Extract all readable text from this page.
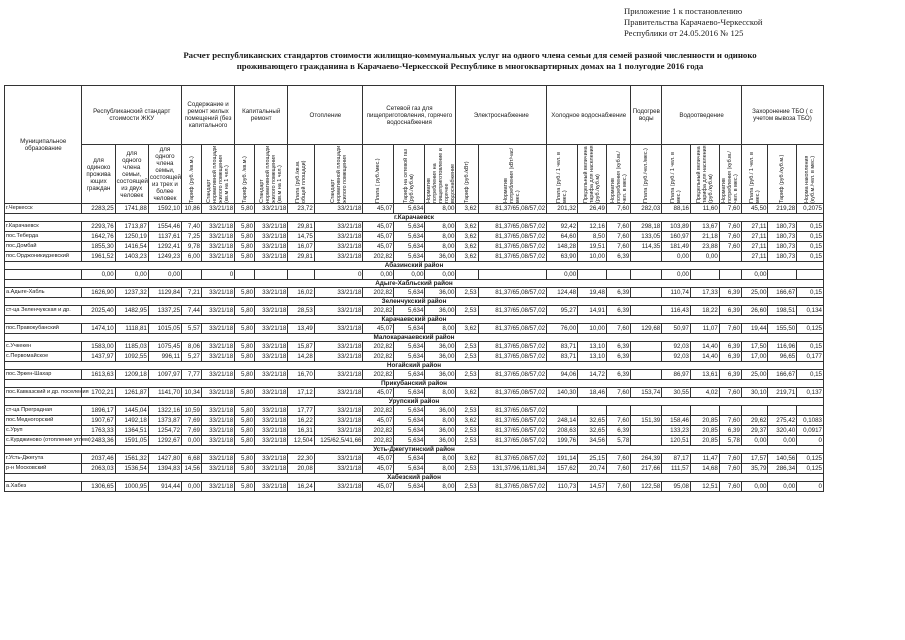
Приложение 1 к постановлению
Правительства Карачаево-Черкесской
Республики от 24.05.2016 № 125
Расчет республиканских стандартов стоимости жилищно-коммунальных услуг на одного члена семьи для семей разной численности и одиноко
проживающего гражданина в Карачаево-Черкесской Республике в многоквартирных домах на 1 полугодие 2016 года
Муниципальное образование	Республиканский стандарт стоимости ЖКУ			Содержание и ремонт жилых помещений (без капитального		Капитальный ремонт		Отопление		Сетевой газ для пищеприготовления, горячего водоснабжения			Электроснабжение		Холодное водоснабжение			Подогрев воды	Водоотведение			Захоронение ТБО ( с учетом вывоза ТБО)		
	для одиноко прожива ющих граждан	для одного члена семьи, состоящей из двух человек	для одного члена семьи, состоящей из трех и более человек	Тариф (руб. /кв.м.)	Стандарт нормативной площади жилого помещения (кв.м на 1 чел.)	Тариф (руб. /кв.м.)	Стандарт нормативной площади жилого помещения (кв.м на 1 чел.)	Плата (руб./кв.м. общей площади)	Стандарт нормативной площади жилого помещения	Плата ( руб./мес.)	Тариф на сетевой газ (руб./куб.м)	Норматив потребления на пищеприготовление и горячее водоснабжение	Тариф (руб./кВт)	Норматив потребления (кВт/час/мес.)	Плата (руб./ 1 чел. в мес.)	Предельный величина тарифа для населения (руб./куб.м)	Норматив потребления (куб.м./чел. в мес.)	Плата (руб./чел./мес.)	Плата (руб./ 1 чел. в мес.)	Предельный величина тарифа для населения (руб./куб.м)	Норматив потребления (куб.м./чел. в мес.)	Плата (руб./ 1 чел. в мес.)	Тариф (руб./куб.м.)	Норма накопления (куб.м./чел. в мес.)

г.Черкесск	2283,25	1741,88	1592,10	10,86	33/21/18	5,80	33/21/18	23,72	33/21/18	45,07	5,634	8,00	3,62	81,37/65,08/57,02	201,32	26,49	7,60	282,03	88,16	11,60	7,60	45,50	219,28	0,2075
г.Карачаевск																								
г.Карачаевск	2293,76	1713,87	1554,46	7,40	33/21/18	5,80	33/21/18	29,81	33/21/18	45,07	5,634	8,00	3,62	81,37/65,08/57,02	92,42	12,16	7,60	298,18	103,89	13,67	7,60	27,11	180,73	0,15
пос.Теберда	1642,76	1250,19	1137,61	7,25	33/21/18	5,80	33/21/18	14,75	33/21/18	45,07	5,634	8,00	3,62	81,37/65,08/57,02	64,60	8,50	7,60	133,05	160,97	21,18	7,60	27,11	180,73	0,15
пос.Домбай	1855,30	1416,54	1292,41	9,78	33/21/18	5,80	33/21/18	16,07	33/21/18	45,07	5,634	8,00	3,62	81,37/65,08/57,02	148,28	19,51	7,60	114,35	181,49	23,88	7,60	27,11	180,73	0,15
пос.Орджоникидзевский	1961,52	1403,23	1249,23	6,00	33/21/18	5,80	33/21/18	29,81	33/21/18	202,82	5,634	36,00	3,62	81,37/65,08/57,02	63,90	10,00	6,39		0,00	0,00		27,11	180,73	0,15
Абазинский район																								
	0,00	0,00	0,00		0				0	0,00	0,00	0,00			0,00				0,00			0,00		
Адыге-Хабльский район																								
а.Адыге-Хабль	1626,90	1237,32	1129,84	7,21	33/21/18	5,80	33/21/18	16,02	33/21/18	202,82	5,634	36,00	2,53	81,37/65,08/57,02	124,48	19,48	6,39		110,74	17,33	6,39	25,00	166,67	0,15
Зеленчукский район																								
ст-ца Зеленчукская и др.	2025,40	1482,95	1337,25	7,44	33/21/18	5,80	33/21/18	28,53	33/21/18	202,82	5,634	36,00	2,53	81,37/65,08/57,02	95,27	14,91	6,39		116,43	18,22	6,39	26,60	198,51	0,134
Карачаевский район																								
пос.Правокубанский	1474,10	1118,81	1015,05	5,57	33/21/18	5,80	33/21/18	13,49	33/21/18	45,07	5,634	8,00	3,62	81,37/65,08/57,02	76,00	10,00	7,60	129,68	50,97	11,07	7,60	19,44	155,50	0,125
Малокарачаевский район																								
с.Учкекен	1583,00	1185,03	1075,45	8,06	33/21/18	5,80	33/21/18	15,87	33/21/18	202,82	5,634	36,00	2,53	81,37/65,08/57,02	83,71	13,10	6,39		92,03	14,40	6,39	17,50	116,96	0,15
с.Первомайское	1437,97	1092,55	996,11	5,27	33/21/18	5,80	33/21/18	14,28	33/21/18	202,82	5,634	36,00	2,53	81,37/65,08/57,02	83,71	13,10	6,39		92,03	14,40	6,39	17,00	96,65	0,177
Ногайский район																								
пос.Эркен-Шахар	1613,63	1209,18	1097,97	7,77	33/21/18	5,80	33/21/18	16,70	33/21/18	202,82	5,634	36,00	2,53	81,37/65,08/57,02	94,06	14,72	6,39		86,97	13,61	6,39	25,00	166,67	0,15
Прикубанский район																								
пос.Кавказский и др. поселения	1702,21	1261,87	1141,70	10,34	33/21/18	5,80	33/21/18	17,12	33/21/18	45,07	5,634	8,00	3,62	81,37/65,08/57,02	140,30	18,46	7,60	153,74	30,55	4,02	7,60	30,10	219,71	0,137
Урупский район																								
ст-ца Преградная	1896,17	1445,04	1322,16	10,59	33/21/18	5,80	33/21/18	17,77	33/21/18	202,82	5,634	36,00	2,53	81,37/65,08/57,02										
пос.Медногорский	1907,67	1492,18	1373,87	7,69	33/21/18	5,80	33/21/18	16,22	33/21/18	45,07	5,634	8,00	3,62	81,37/65,08/57,02	248,14	32,65	7,60	151,39	158,46	20,85	7,60	29,62	275,42	0,1083
с.Уруп	1763,33	1364,51	1254,72	7,69	33/21/18	5,80	33/21/18	16,31	33/21/18	202,82	5,634	36,00	2,53	81,37/65,08/57,02	208,63	32,65	6,39		133,23	20,85	6,39	29,37	320,40	0,0917
с.Курджиново (отопление углем)	2483,36	1591,05	1292,67	0,00	33/21/18	5,80	33/21/18	12,504	125/62,5/41,66	202,82	5,634	36,00	2,53	81,37/65,08/57,02	199,76	34,56	5,78		120,51	20,85	5,78	0,00	0,00	0
Усть-Джегутинский район																								
г.Усть-Джегута	2037,46	1561,32	1427,80	6,68	33/21/18	5,80	33/21/18	22,30	33/21/18	45,07	5,634	8,00	3,62	81,37/65,08/57,02	191,14	25,15	7,60	264,39	87,17	11,47	7,60	17,57	140,56	0,125
р-н Московский	2063,03	1536,54	1394,83	14,56	33/21/18	5,80	33/21/18	20,08	33/21/18	45,07	5,634	8,00	2,53	131,37/96,11/81,34	157,62	20,74	7,60	217,66	111,57	14,68	7,60	35,79	286,34	0,125
Хабезский район																								
а.Хабез	1306,65	1000,95	914,44	0,00	33/21/18	5,80	33/21/18	16,24	33/21/18	45,07	5,634	8,00	2,53	81,37/65,08/57,02	110,73	14,57	7,60	122,58	95,08	12,51	7,60	0,00	0,00	0
